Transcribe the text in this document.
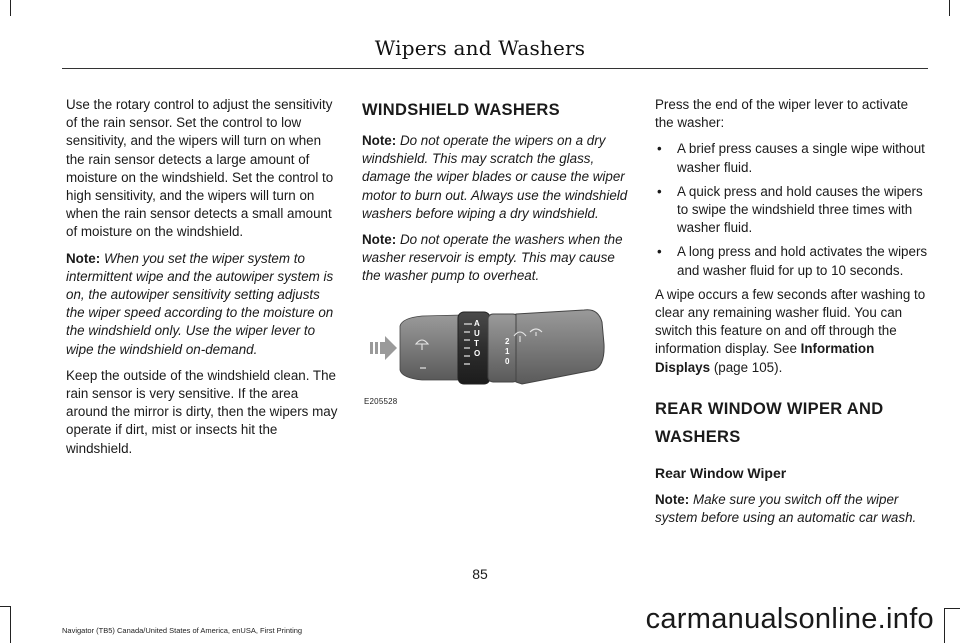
Wipers and Washers

Use the rotary control to adjust the sensitivity of the rain sensor. Set the control to low sensitivity, and the wipers will turn on when the rain sensor detects a large amount of moisture on the windshield. Set the control to high sensitivity, and the wipers will turn on when the rain sensor detects a small amount of moisture on the windshield.

Note: When you set the wiper system to intermittent wipe and the autowiper system is on, the autowiper sensitivity setting adjusts the wiper speed according to the moisture on the windshield only. Use the wiper lever to wipe the windshield on-demand.

Keep the outside of the windshield clean. The rain sensor is very sensitive. If the area around the mirror is dirty, then the wipers may operate if dirt, mist or insects hit the windshield.

WINDSHIELD WASHERS

Note: Do not operate the wipers on a dry windshield. This may scratch the glass, damage the wiper blades or cause the wiper motor to burn out. Always use the windshield washers before wiping a dry windshield.

Note: Do not operate the washers when the washer reservoir is empty. This may cause the washer pump to overheat.

A
U
T
O
2
1
0
E205528

Press the end of the wiper lever to activate the washer:

• A brief press causes a single wipe without washer fluid.
• A quick press and hold causes the wipers to swipe the windshield three times with washer fluid.
• A long press and hold activates the wipers and washer fluid for up to 10 seconds.

A wipe occurs a few seconds after washing to clear any remaining washer fluid. You can switch this feature on and off through the information display. See Information Displays (page 105).

REAR WINDOW WIPER AND WASHERS

Rear Window Wiper

Note: Make sure you switch off the wiper system before using an automatic car wash.

85
Navigator (TB5) Canada/United States of America, enUSA, First Printing	carmanualsonline.info
